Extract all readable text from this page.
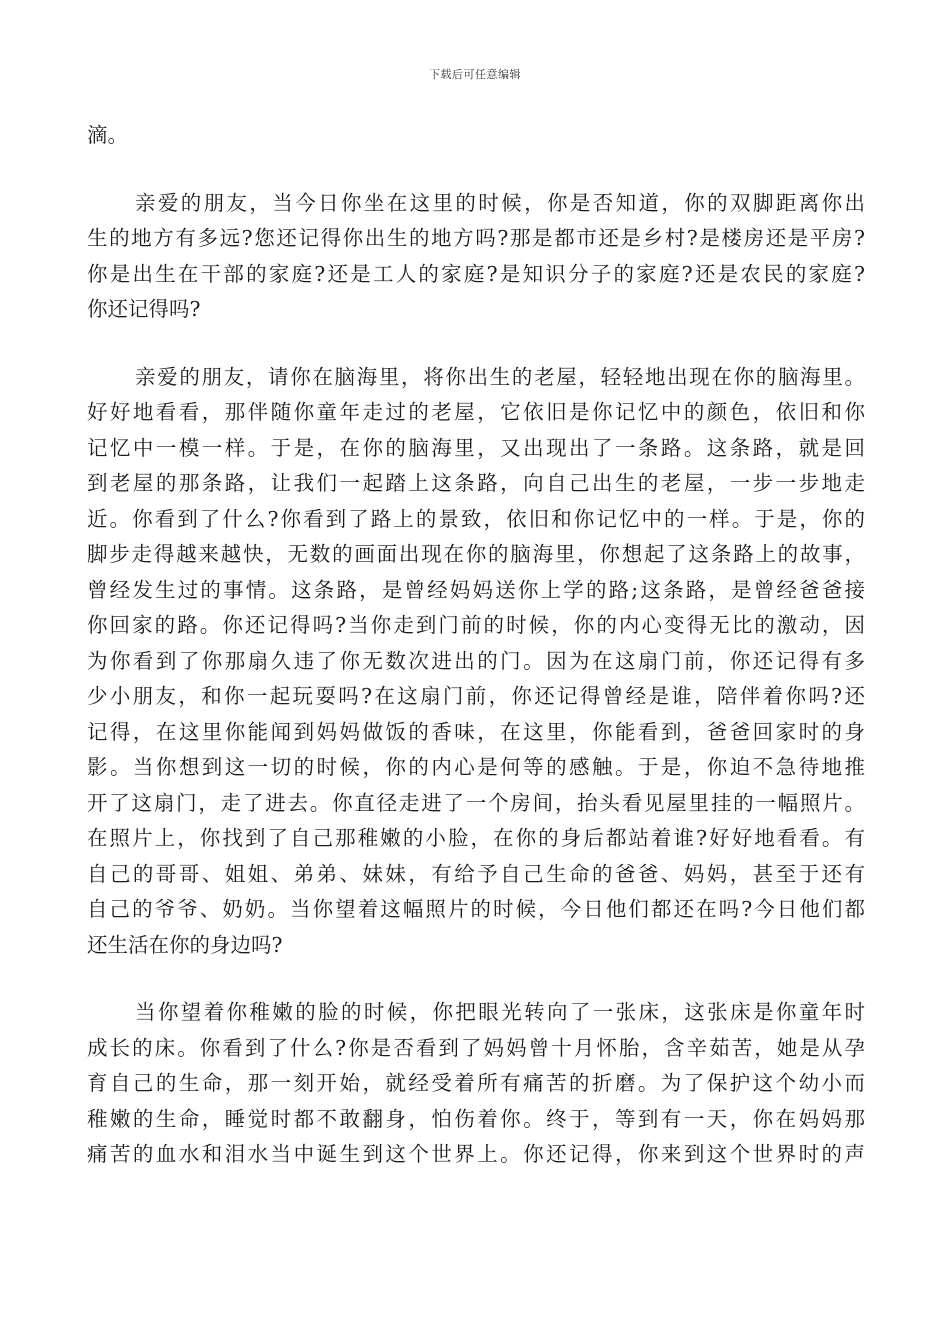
下载后可任意编辑
滴。
亲爱的朋友，当今日你坐在这里的时候，你是否知道，你的双脚距离你出
生的地方有多远?您还记得你出生的地方吗?那是都市还是乡村?是楼房还是平房?
你是出生在干部的家庭?还是工人的家庭?是知识分子的家庭?还是农民的家庭?
你还记得吗?
亲爱的朋友，请你在脑海里，将你出生的老屋，轻轻地出现在你的脑海里。
好好地看看，那伴随你童年走过的老屋，它依旧是你记忆中的颜色，依旧和你
记忆中一模一样。于是，在你的脑海里，又出现出了一条路。这条路，就是回
到老屋的那条路，让我们一起踏上这条路，向自己出生的老屋，一步一步地走
近。你看到了什么?你看到了路上的景致，依旧和你记忆中的一样。于是，你的
脚步走得越来越快，无数的画面出现在你的脑海里，你想起了这条路上的故事，
曾经发生过的事情。这条路，是曾经妈妈送你上学的路;这条路，是曾经爸爸接
你回家的路。你还记得吗?当你走到门前的时候，你的内心变得无比的激动，因
为你看到了你那扇久违了你无数次进出的门。因为在这扇门前，你还记得有多
少小朋友，和你一起玩耍吗?在这扇门前，你还记得曾经是谁，陪伴着你吗?还
记得，在这里你能闻到妈妈做饭的香味，在这里，你能看到，爸爸回家时的身
影。当你想到这一切的时候，你的内心是何等的感触。于是，你迫不急待地推
开了这扇门，走了进去。你直径走进了一个房间，抬头看见屋里挂的一幅照片。
在照片上，你找到了自己那稚嫩的小脸，在你的身后都站着谁?好好地看看。有
自己的哥哥、姐姐、弟弟、妹妹，有给予自己生命的爸爸、妈妈，甚至于还有
自己的爷爷、奶奶。当你望着这幅照片的时候，今日他们都还在吗?今日他们都
还生活在你的身边吗?
当你望着你稚嫩的脸的时候，你把眼光转向了一张床，这张床是你童年时
成长的床。你看到了什么?你是否看到了妈妈曾十月怀胎，含辛茹苦，她是从孕
育自己的生命，那一刻开始，就经受着所有痛苦的折磨。为了保护这个幼小而
稚嫩的生命，睡觉时都不敢翻身，怕伤着你。终于，等到有一天，你在妈妈那
痛苦的血水和泪水当中诞生到这个世界上。你还记得，你来到这个世界时的声
